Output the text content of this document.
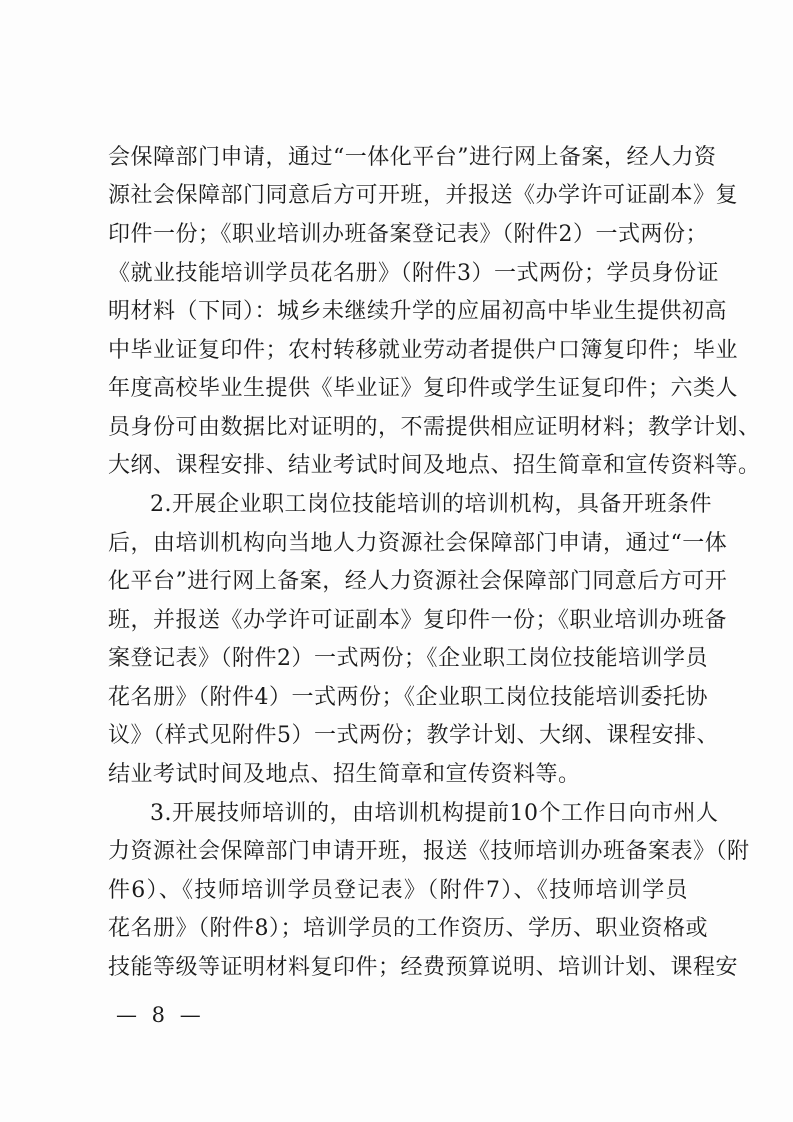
会保障部门申请，通过“一体化平台”进行网上备案，经人力资
源社会保障部门同意后方可开班，并报送《办学许可证副本》复
印件一份；《职业培训办班备案登记表》（附件2）一式两份；
《就业技能培训学员花名册》（附件3）一式两份；学员身份证
明材料（下同）：城乡未继续升学的应届初高中毕业生提供初高
中毕业证复印件；农村转移就业劳动者提供户口簿复印件；毕业
年度高校毕业生提供《毕业证》复印件或学生证复印件；六类人
员身份可由数据比对证明的，不需提供相应证明材料；教学计划、
大纲、课程安排、结业考试时间及地点、招生简章和宣传资料等。
2.开展企业职工岗位技能培训的培训机构，具备开班条件
后，由培训机构向当地人力资源社会保障部门申请，通过“一体
化平台”进行网上备案，经人力资源社会保障部门同意后方可开
班，并报送《办学许可证副本》复印件一份；《职业培训办班备
案登记表》（附件2）一式两份；《企业职工岗位技能培训学员
花名册》（附件4）一式两份；《企业职工岗位技能培训委托协
议》（样式见附件5）一式两份；教学计划、大纲、课程安排、
结业考试时间及地点、招生简章和宣传资料等。
3.开展技师培训的，由培训机构提前10个工作日向市州人
力资源社会保障部门申请开班，报送《技师培训办班备案表》（附
件6）、《技师培训学员登记表》（附件7）、《技师培训学员
花名册》（附件8）；培训学员的工作资历、学历、职业资格或
技能等级等证明材料复印件；经费预算说明、培训计划、课程安
— 8 —
